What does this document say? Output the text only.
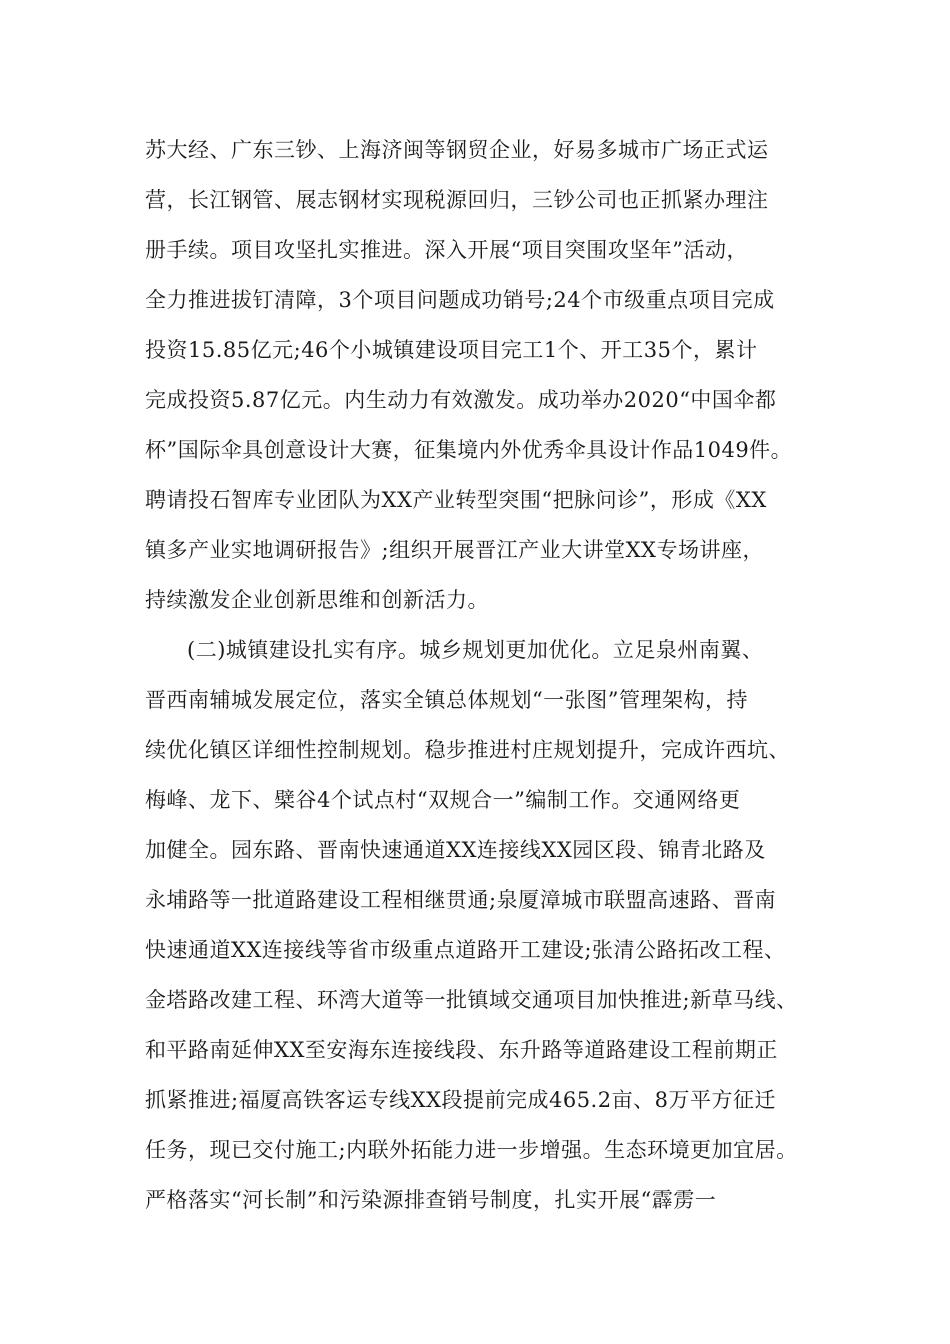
苏大经、广东三钞、上海济闽等钢贸企业，好易多城市广场正式运
营，长江钢管、展志钢材实现税源回归，三钞公司也正抓紧办理注
册手续。项目攻坚扎实推进。深入开展“项目突围攻坚年”活动，
全力推进拔钉清障，3个项目问题成功销号;24个市级重点项目完成
投资15.85亿元;46个小城镇建设项目完工1个、开工35个，累计
完成投资5.87亿元。内生动力有效激发。成功举办2020“中国伞都
杯”国际伞具创意设计大赛，征集境内外优秀伞具设计作品1049件。
聘请投石智库专业团队为XX产业转型突围“把脉问诊”，形成《XX
镇多产业实地调研报告》;组织开展晋江产业大讲堂XX专场讲座，
持续激发企业创新思维和创新活力。
(二)城镇建设扎实有序。城乡规划更加优化。立足泉州南翼、
晋西南辅城发展定位，落实全镇总体规划“一张图”管理架构，持
续优化镇区详细性控制规划。稳步推进村庄规划提升，完成许西坑、
梅峰、龙下、檗谷4个试点村“双规合一”编制工作。交通网络更
加健全。园东路、晋南快速通道XX连接线XX园区段、锦青北路及
永埔路等一批道路建设工程相继贯通;泉厦漳城市联盟高速路、晋南
快速通道XX连接线等省市级重点道路开工建设;张清公路拓改工程、
金塔路改建工程、环湾大道等一批镇域交通项目加快推进;新草马线、
和平路南延伸XX至安海东连接线段、东升路等道路建设工程前期正
抓紧推进;福厦高铁客运专线XX段提前完成465.2亩、8万平方征迁
任务，现已交付施工;内联外拓能力进一步增强。生态环境更加宜居。
严格落实“河长制”和污染源排查销号制度，扎实开展“霹雳一
